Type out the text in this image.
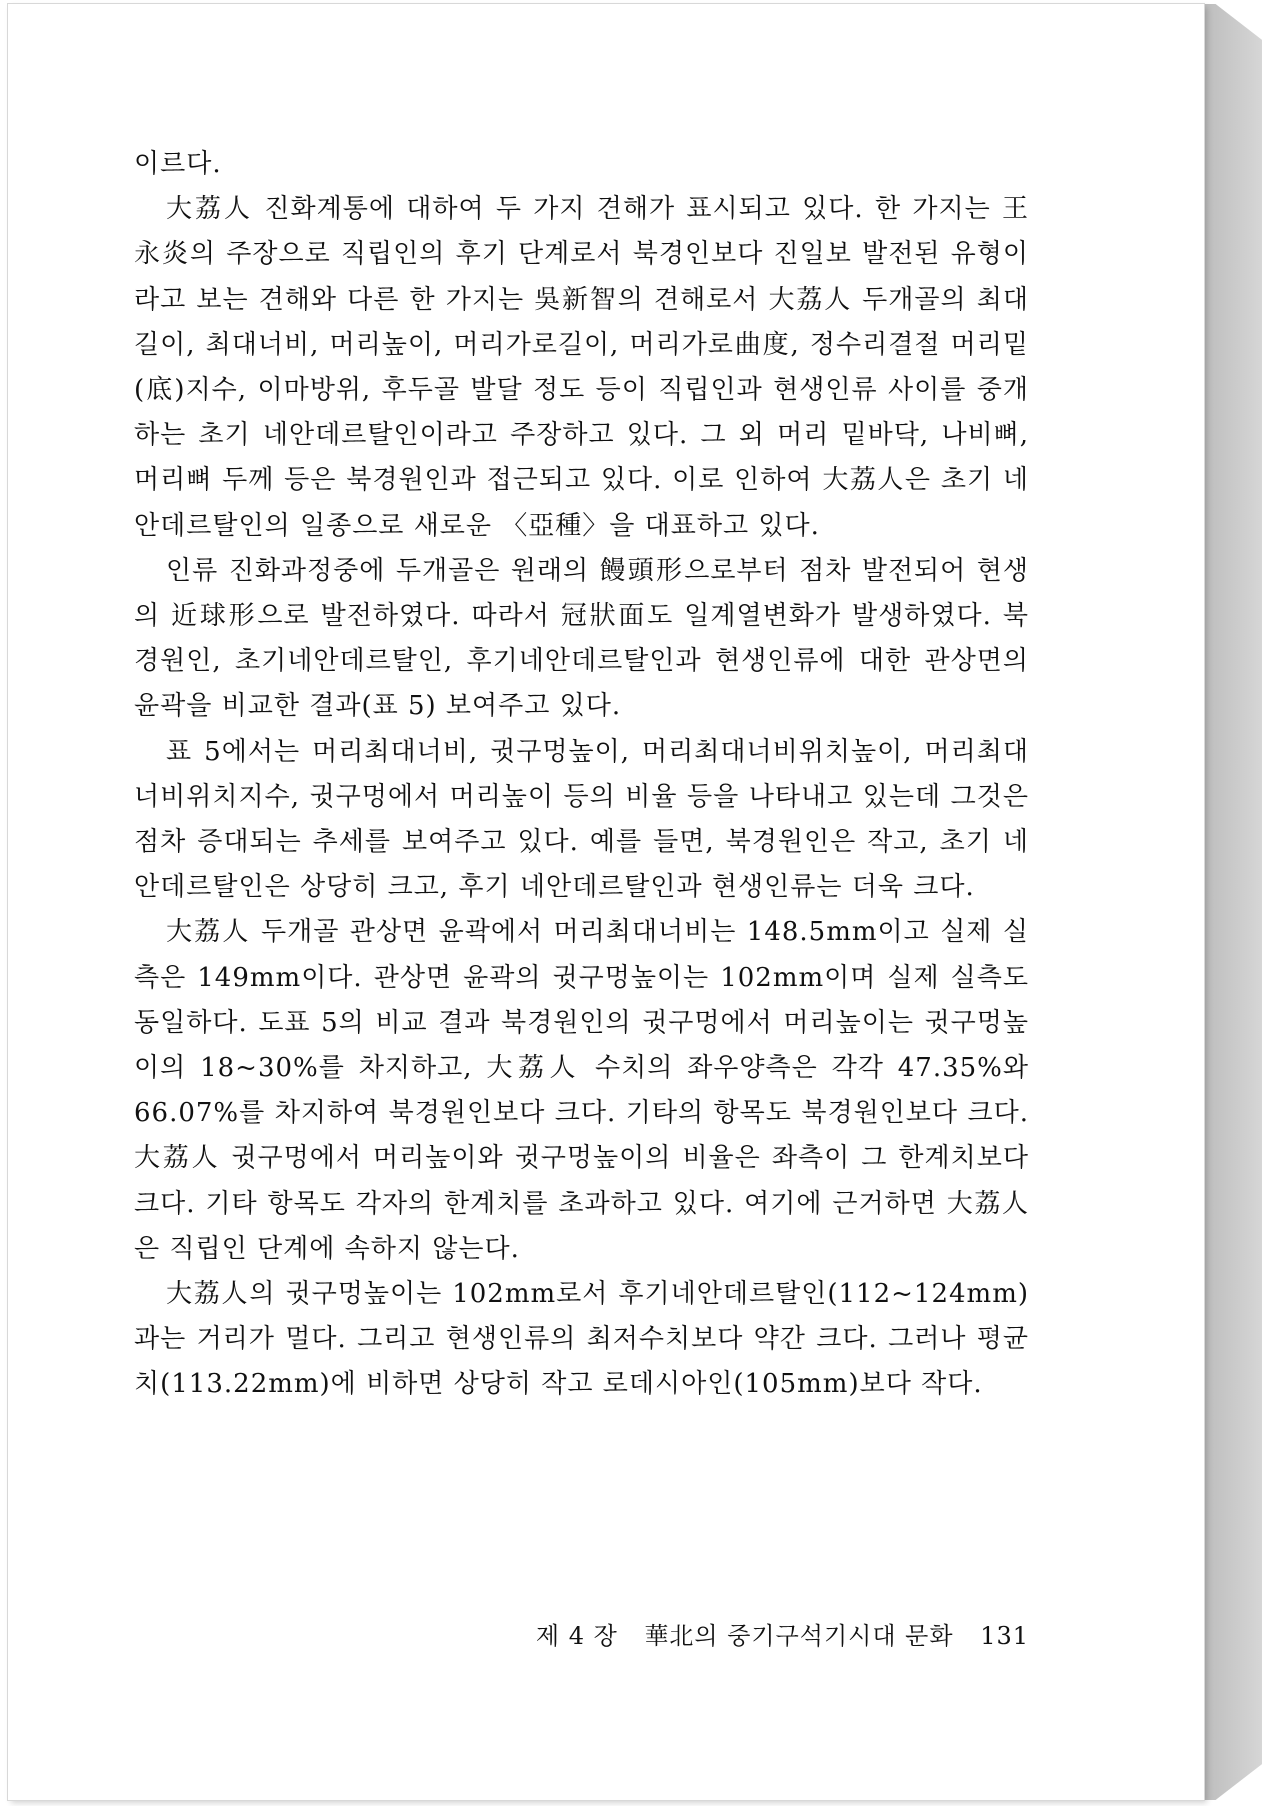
이르다.

大荔人 진화계통에 대하여 두 가지 견해가 표시되고 있다. 한 가지는 王永炎의 주장으로 직립인의 후기 단계로서 북경인보다 진일보 발전된 유형이라고 보는 견해와 다른 한 가지는 吳新智의 견해로서 大荔人 두개골의 최대길이, 최대너비, 머리높이, 머리가로길이, 머리가로曲度, 정수리결절 머리밑(底)지수, 이마방위, 후두골 발달 정도 등이 직립인과 현생인류 사이를 중개하는 초기 네안데르탈인이라고 주장하고 있다. 그 외 머리 밑바닥, 나비뼈, 머리뼈 두께 등은 북경원인과 접근되고 있다. 이로 인하여 大荔人은 초기 네안데르탈인의 일종으로 새로운 〈亞種〉을 대표하고 있다.

인류 진화과정중에 두개골은 원래의 饅頭形으로부터 점차 발전되어 현생의 近球形으로 발전하였다. 따라서 冠狀面도 일계열변화가 발생하였다. 북경원인, 초기네안데르탈인, 후기네안데르탈인과 현생인류에 대한 관상면의 윤곽을 비교한 결과(표 5) 보여주고 있다.

표 5에서는 머리최대너비, 귓구멍높이, 머리최대너비위치높이, 머리최대너비위치지수, 귓구멍에서 머리높이 등의 비율 등을 나타내고 있는데 그것은 점차 증대되는 추세를 보여주고 있다. 예를 들면, 북경원인은 작고, 초기 네안데르탈인은 상당히 크고, 후기 네안데르탈인과 현생인류는 더욱 크다.

大荔人 두개골 관상면 윤곽에서 머리최대너비는 148.5mm이고 실제 실측은 149mm이다. 관상면 윤곽의 귓구멍높이는 102mm이며 실제 실측도 동일하다. 도표 5의 비교 결과 북경원인의 귓구멍에서 머리높이는 귓구멍높이의 18~30%를 차지하고, 大荔人 수치의 좌우양측은 각각 47.35%와 66.07%를 차지하여 북경원인보다 크다. 기타의 항목도 북경원인보다 크다. 大荔人 귓구멍에서 머리높이와 귓구멍높이의 비율은 좌측이 그 한계치보다 크다. 기타 항목도 각자의 한계치를 초과하고 있다. 여기에 근거하면 大荔人은 직립인 단계에 속하지 않는다.

大荔人의 귓구멍높이는 102mm로서 후기네안데르탈인(112~124mm)과는 거리가 멀다. 그리고 현생인류의 최저수치보다 약간 크다. 그러나 평균치(113.22mm)에 비하면 상당히 작고 로데시아인(105mm)보다 작다.

제 4 장 華北의 중기구석기시대 문화 131
